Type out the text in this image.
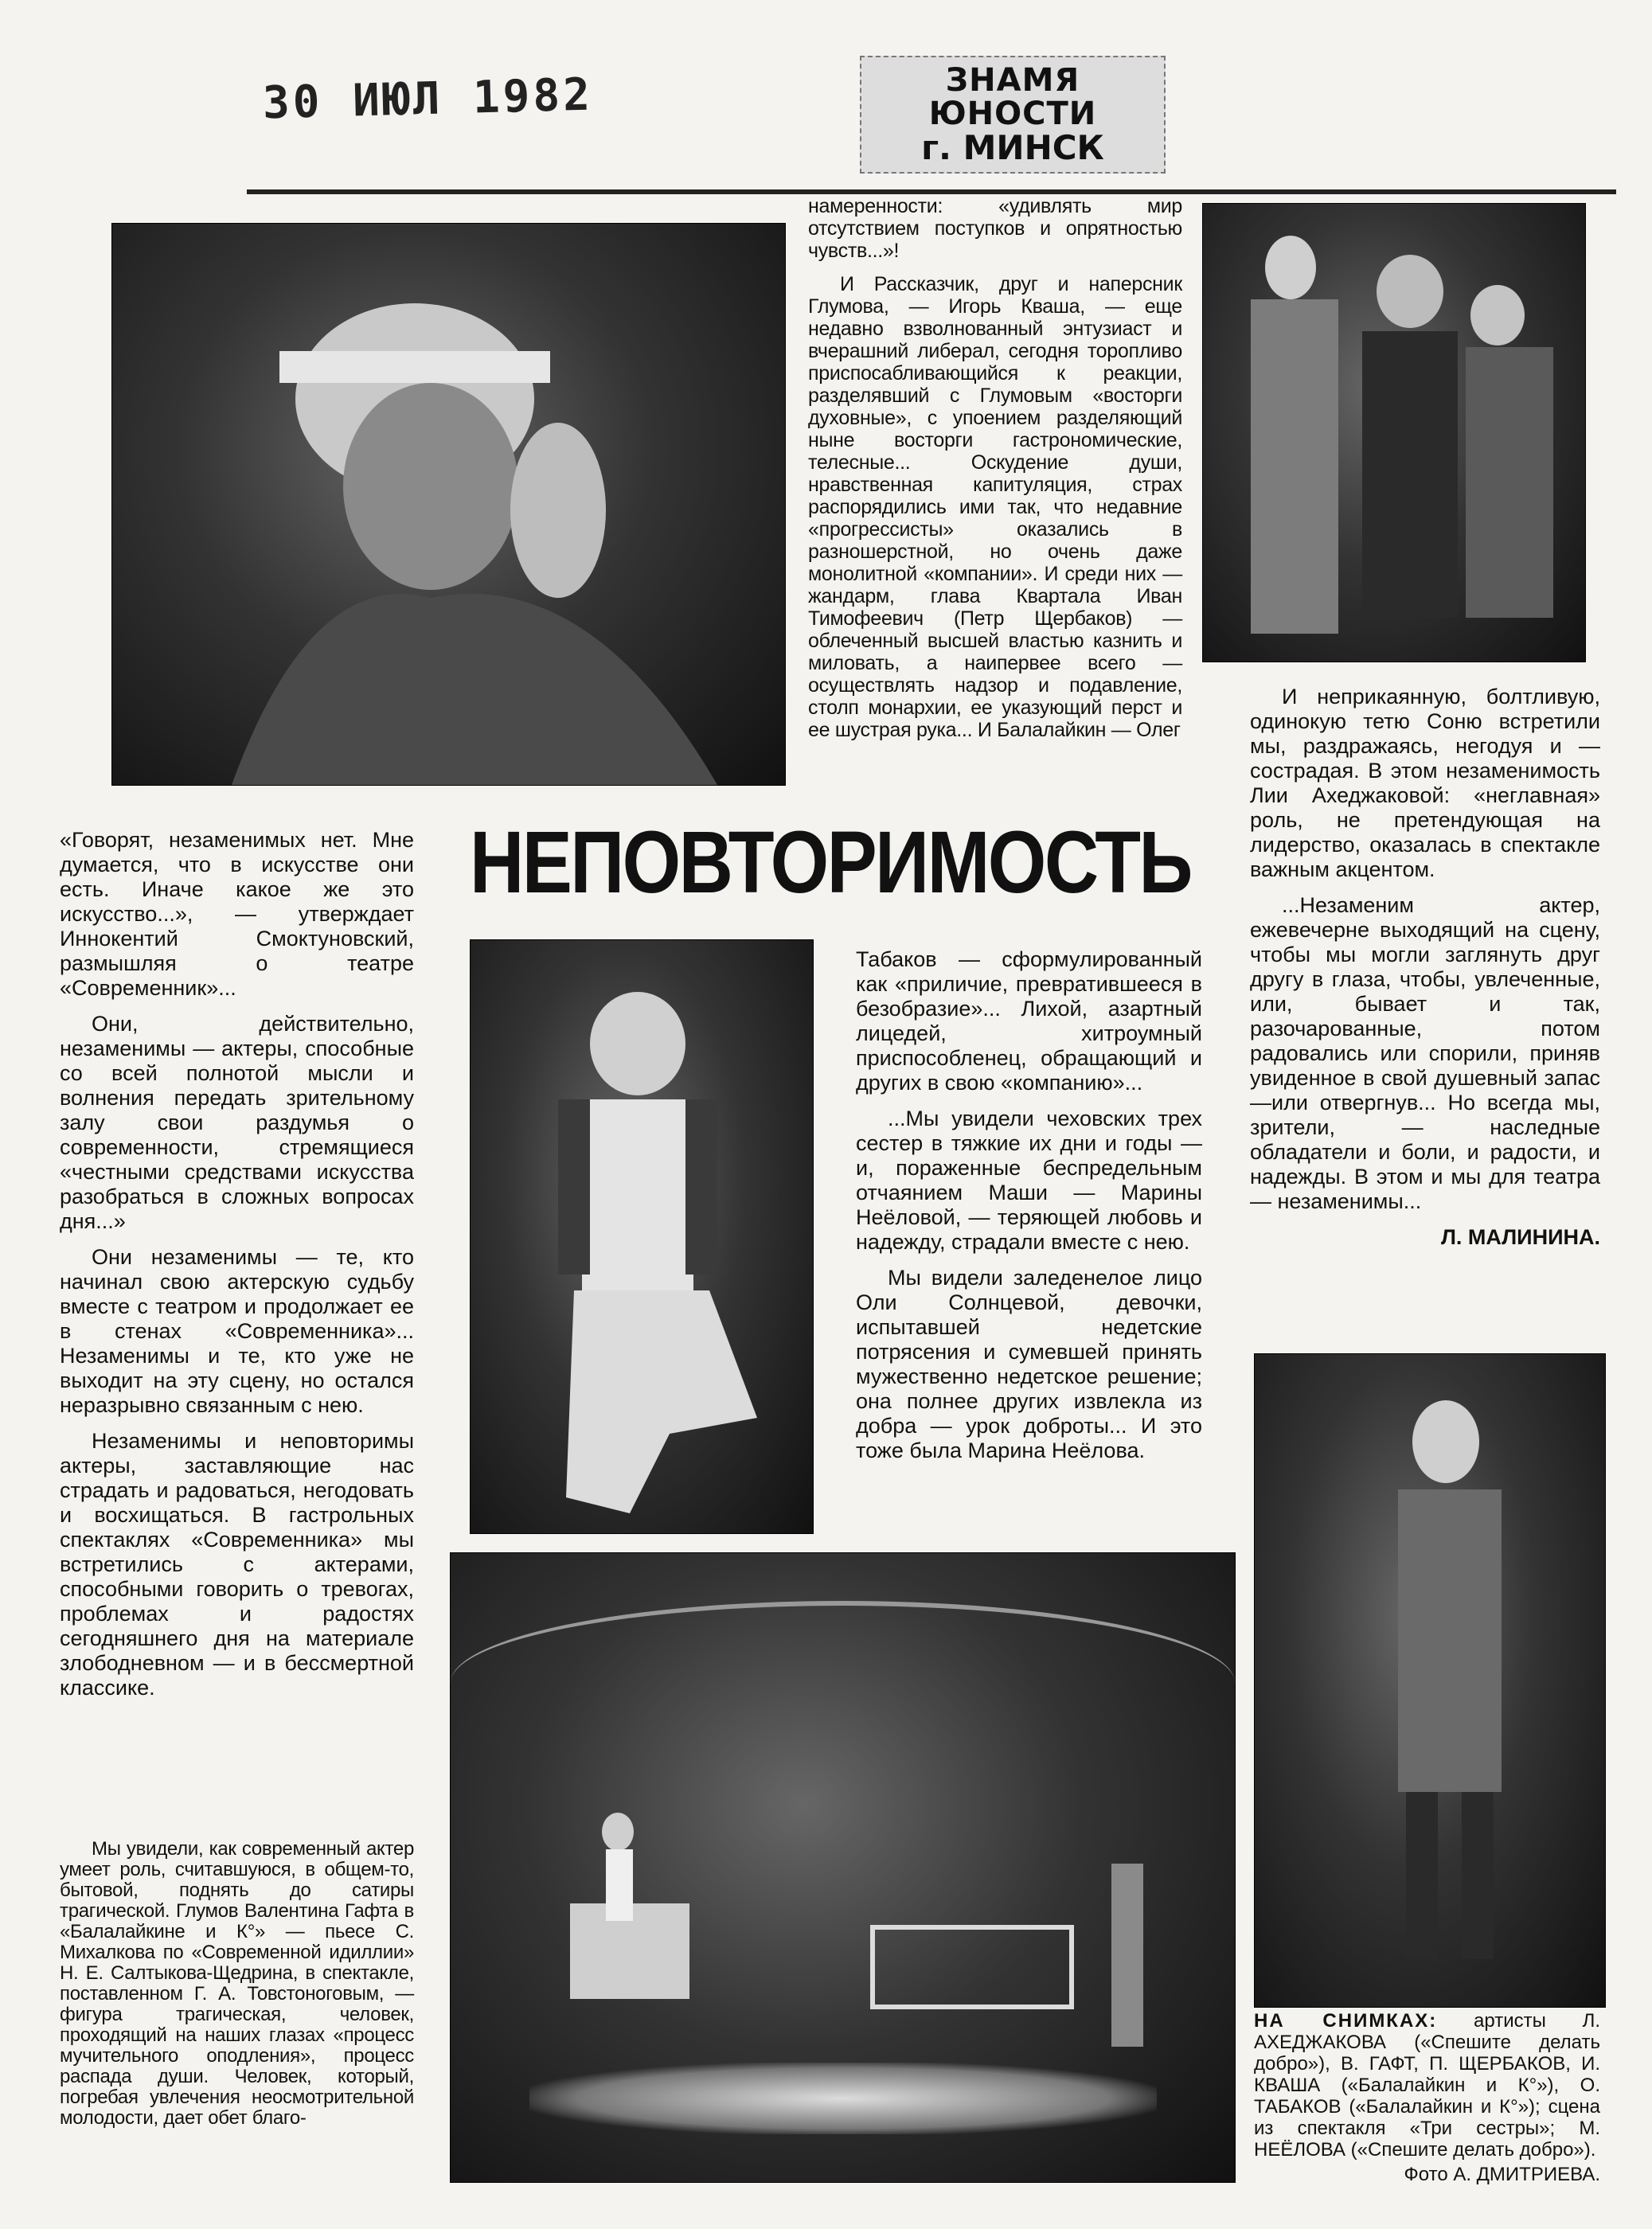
30 ИЮЛ 1982	ЗНАМЯ ЮНОСТИ
г. МИНСК

намеренности: «удивлять мир отсутствием поступков и опрятностью чувств...»!

И Рассказчик, друг и наперсник Глумова, — Игорь Кваша, — еще недавно взволнованный энтузиаст и вчерашний либерал, сегодня торопливо приспосабливающийся к реакции, разделявший с Глумовым «восторги духовные», с упоением разделяющий ныне восторги гастрономические, телесные... Оскудение души, нравственная капитуляция, страх распорядились ими так, что недавние «прогрессисты» оказались в разношерстной, но очень даже монолитной «компании». И среди них — жандарм, глава Квартала Иван Тимофеевич (Петр Щербаков) — облеченный высшей властью казнить и миловать, а наипервее всего — осуществлять надзор и подавление, столп монархии, ее указующий перст и ее шустрая рука... И Балалайкин — Олег

НЕПОВТОРИМОСТЬ

«Говорят, незаменимых нет. Мне думается, что в искусстве они есть. Иначе какое же это искусство...», — утверждает Иннокентий Смоктуновский, размышляя о театре «Современник»...

Они, действительно, незаменимы — актеры, способные со всей полнотой мысли и волнения передать зрительному залу свои раздумья о современности, стремящиеся «честными средствами искусства разобраться в сложных вопросах дня...»

Они незаменимы — те, кто начинал свою актерскую судьбу вместе с театром и продолжает ее в стенах «Современника»... Незаменимы и те, кто уже не выходит на эту сцену, но остался неразрывно связанным с нею.

Незаменимы и неповторимы актеры, заставляющие нас страдать и радоваться, негодовать и восхищаться. В гастрольных спектаклях «Современника» мы встретились с актерами, способными говорить о тревогах, проблемах и радостях сегодняшнего дня на материале злободневном — и в бессмертной классике.

Мы увидели, как современный актер умеет роль, считавшуюся, в общем-то, бытовой, поднять до сатиры трагической. Глумов Валентина Гафта в «Балалайкине и К°» — пьесе С. Михалкова по «Современной идиллии» Н. Е. Салтыкова-Щедрина, в спектакле, поставленном Г. А. Товстоноговым, — фигура трагическая, человек, проходящий на наших глазах «процесс мучительного оподления», процесс распада души. Человек, который, погребая увлечения неосмотрительной молодости, дает обет благо-

Табаков — сформулированный как «приличие, превратившееся в безобразие»... Лихой, азартный лицедей, хитроумный приспособленец, обращающий и других в свою «компанию»...

...Мы увидели чеховских трех сестер в тяжкие их дни и годы — и, пораженные беспредельным отчаянием Маши — Марины Неёловой, — теряющей любовь и надежду, страдали вместе с нею.

Мы видели заледенелое лицо Оли Солнцевой, девочки, испытавшей недетские потрясения и сумевшей принять мужественно недетское решение; она полнее других извлекла из добра — урок доброты... И это тоже была Марина Неёлова.

И неприкаянную, болтливую, одинокую тетю Соню встретили мы, раздражаясь, негодуя и — сострадая. В этом незаменимость Лии Ахеджаковой: «неглавная» роль, не претендующая на лидерство, оказалась в спектакле важным акцентом.

...Незаменим актер, ежевечерне выходящий на сцену, чтобы мы могли заглянуть друг другу в глаза, чтобы, увлеченные, или, бывает и так, разочарованные, потом радовались или спорили, приняв увиденное в свой душевный запас—или отвергнув... Но всегда мы, зрители, — наследные обладатели и боли, и радости, и надежды. В этом и мы для театра — незаменимы...

Л. МАЛИНИНА.
НА СНИМКАХ: артисты Л. АХЕДЖАКОВА («Спешите делать добро»), В. ГАФТ, П. ЩЕРБАКОВ, И. КВАША («Балалайкин и К°»), О. ТАБАКОВ («Балалайкин и К°»); сцена из спектакля «Три сестры»; М. НЕЁЛОВА («Спешите делать добро»).
Фото А. ДМИТРИЕВА.
